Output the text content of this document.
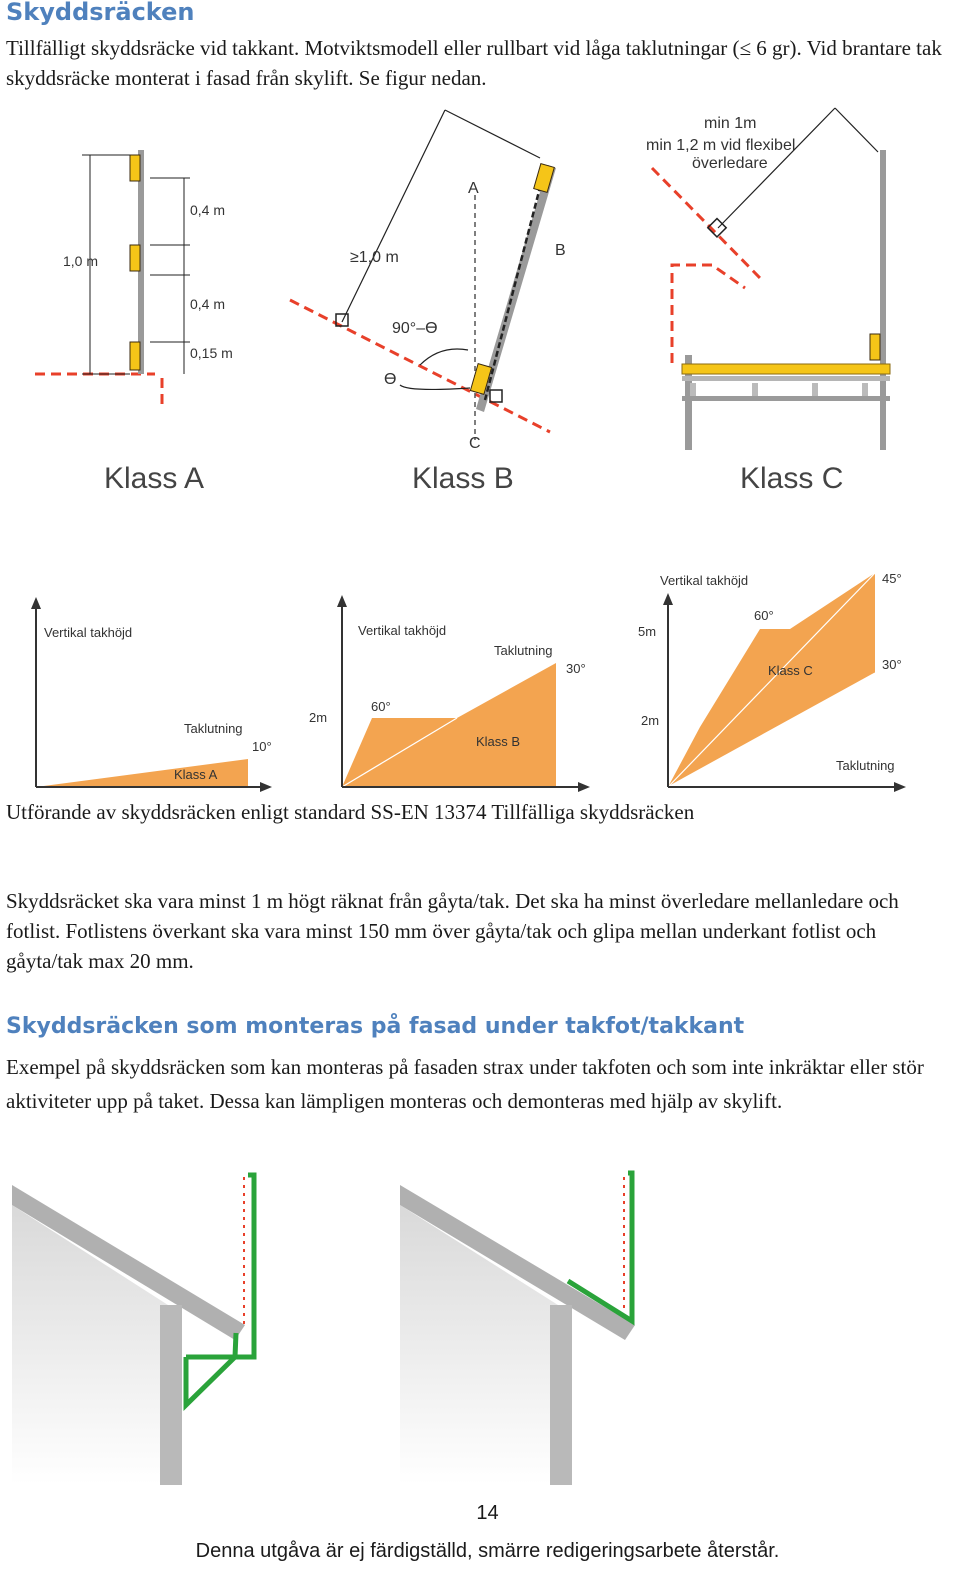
Skyddsräcken
Tillfälligt skyddsräcke vid takkant. Motviktsmodell eller rullbart vid låga taklutningar (≤ 6 gr). Vid brantare tak skyddsräcke monterat i fasad från skylift. Se figur nedan.
1,0 m
0,4 m
0,4 m
0,15 m
Klass A
≥1,0 m
A
B
C
90°–ϴ
ϴ
Klass B
min 1m
min 1,2 m vid flexibel
överledare
Klass C
Vertikal takhöjd
Taklutning
10°
Klass A
Vertikal takhöjd
Taklutning
30°
60°
2m
Klass B
Vertikal takhöjd
Taklutning
45°
60°
30°
5m
2m
Klass C
Utförande av skyddsräcken enligt standard SS-EN 13374 Tillfälliga skyddsräcken
Skyddsräcket ska vara minst 1 m högt räknat från gåyta/tak. Det ska ha minst överledare mellanledare och fotlist. Fotlistens överkant ska vara minst 150 mm över gåyta/tak och glipa mellan underkant fotlist och gåyta/tak max 20 mm.
Skyddsräcken som monteras på fasad under takfot/takkant
Exempel på skyddsräcken som kan monteras på fasaden strax under takfoten och som inte inkräktar eller stör aktiviteter upp på taket. Dessa kan lämpligen monteras och demonteras med hjälp av skylift.
14
Denna utgåva är ej färdigställd, smärre redigeringsarbete återstår.
